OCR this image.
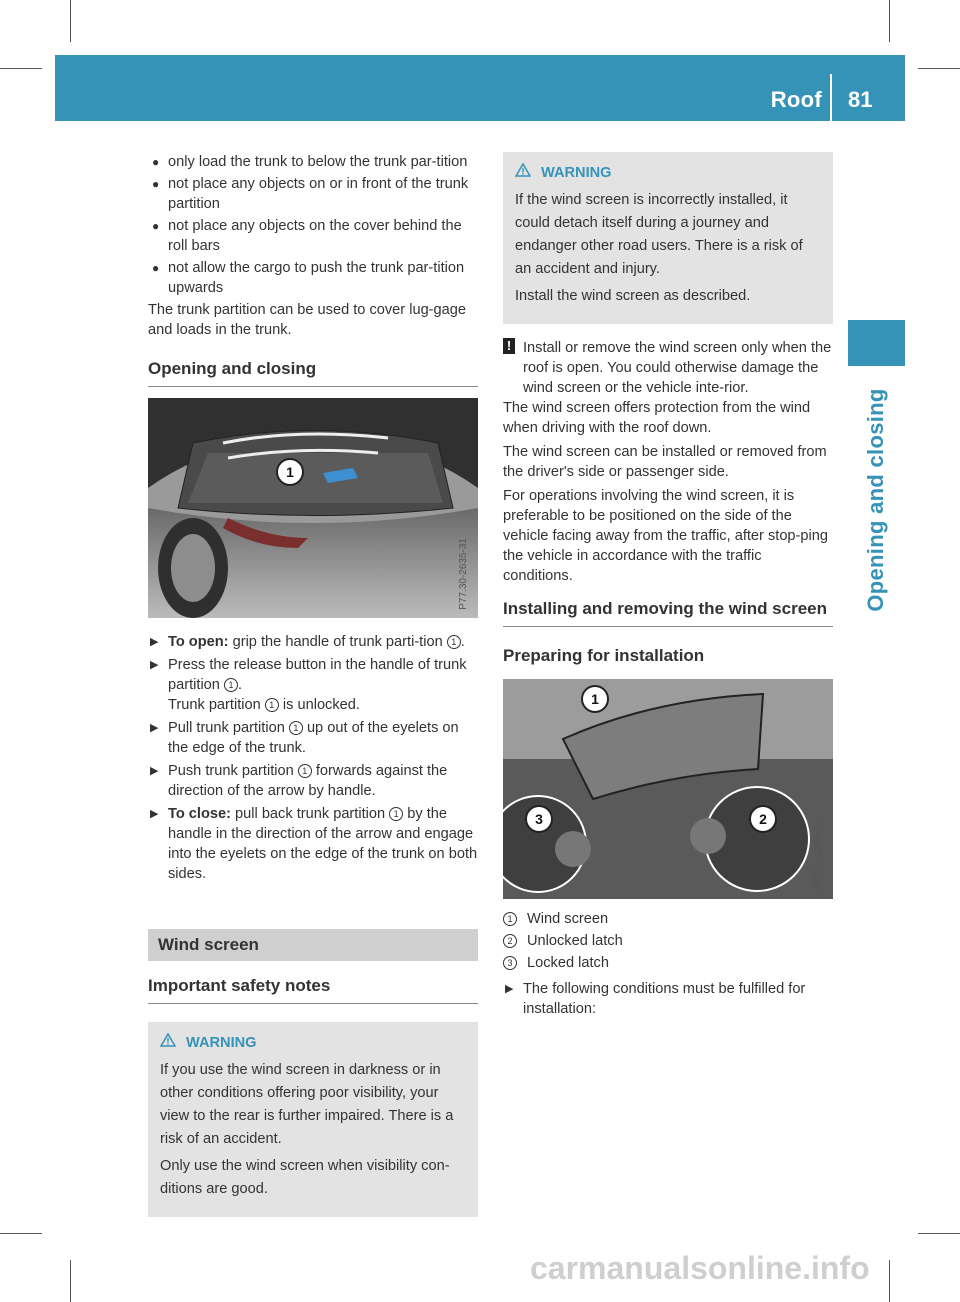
Roof 81
Opening and closing
● only load the trunk to below the trunk par-tition
● not place any objects on or in front of the trunk partition
● not place any objects on the cover behind the roll bars
● not allow the cargo to push the trunk par-tition upwards

The trunk partition can be used to cover lug-gage and loads in the trunk.

Opening and closing
1
P77.30-2635-31
▶ To open: grip the handle of trunk parti-tion 1 .
▶ Press the release button in the handle of trunk partition 1 .
Trunk partition 1 is unlocked.
▶ Pull trunk partition 1 up out of the eyelets on the edge of the trunk.
▶ Push trunk partition 1 forwards against the direction of the arrow by handle.
▶ To close: pull back trunk partition 1 by the handle in the direction of the arrow and engage into the eyelets on the edge of the trunk on both sides.
Wind screen
Important safety notes
WARNING

If you use the wind screen in darkness or in other conditions offering poor visibility, your view to the rear is further impaired. There is a risk of an accident.

Only use the wind screen when visibility con-ditions are good.

WARNING

If the wind screen is incorrectly installed, it could detach itself during a journey and endanger other road users. There is a risk of an accident and injury.

Install the wind screen as described.

! Install or remove the wind screen only when the roof is open. You could otherwise damage the wind screen or the vehicle inte-rior.

The wind screen offers protection from the wind when driving with the roof down.

The wind screen can be installed or removed from the driver's side or passenger side.

For operations involving the wind screen, it is preferable to be positioned on the side of the vehicle facing away from the traffic, after stop-ping the vehicle in accordance with the traffic conditions.

Installing and removing the wind screen
Preparing for installation
1
2
3
P77.31-2298-31
1 Wind screen
2 Unlocked latch
3 Locked latch
▶ The following conditions must be fulfilled for installation:
carmanualsonline.info
